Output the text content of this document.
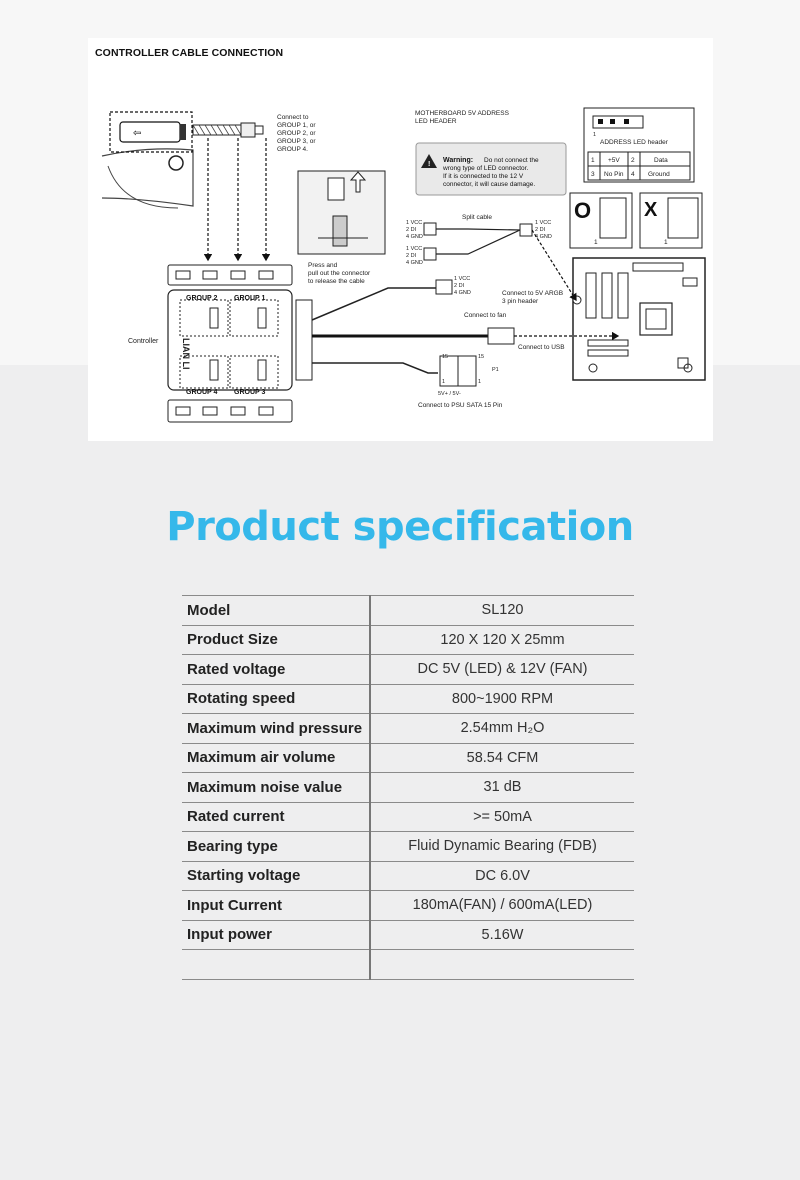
CONTROLLER CABLE CONNECTION
⇦
Connect to
GROUP 1, or
GROUP 2, or
GROUP 3, or
GROUP 4.
Press and
pull out the connector
to release the cable
Controller	LIAN LI
GROUP 2 GROUP 1
GROUP 4 GROUP 3
MOTHERBOARD 5V ADDRESS
LED HEADER
!
Warning: Do not connect the
wrong type of LED connector.
If it is connected to the 12 V
connector, it will cause damage.
1
ADDRESS LED header
1 +5V 2	Data
3 No Pin 4 Ground
O
1
X
1
Split cable
1 VCC
2 DI
4 GND
1 VCC
2 DI
4 GND
1 VCC
2 DI
4 GND
1 VCC
2 DI
4 GND	Connect to 5V ARGB
3 pin header
Connect to fan
Connect to USB
15	15
1	1
P1
5V+ / 5V-
Connect to PSU SATA 15 Pin
Product specification
Model	SL120
Product Size	120 X 120 X 25mm
Rated voltage	DC 5V (LED) & 12V (FAN)
Rotating speed	800~1900 RPM
Maximum wind pressure	2.54mm H₂O
Maximum air volume	58.54 CFM
Maximum noise value	31 dB
Rated current	>= 50mA
Bearing type	Fluid Dynamic Bearing (FDB)
Starting voltage	DC 6.0V
Input Current	180mA(FAN) / 600mA(LED)
Input power	5.16W
